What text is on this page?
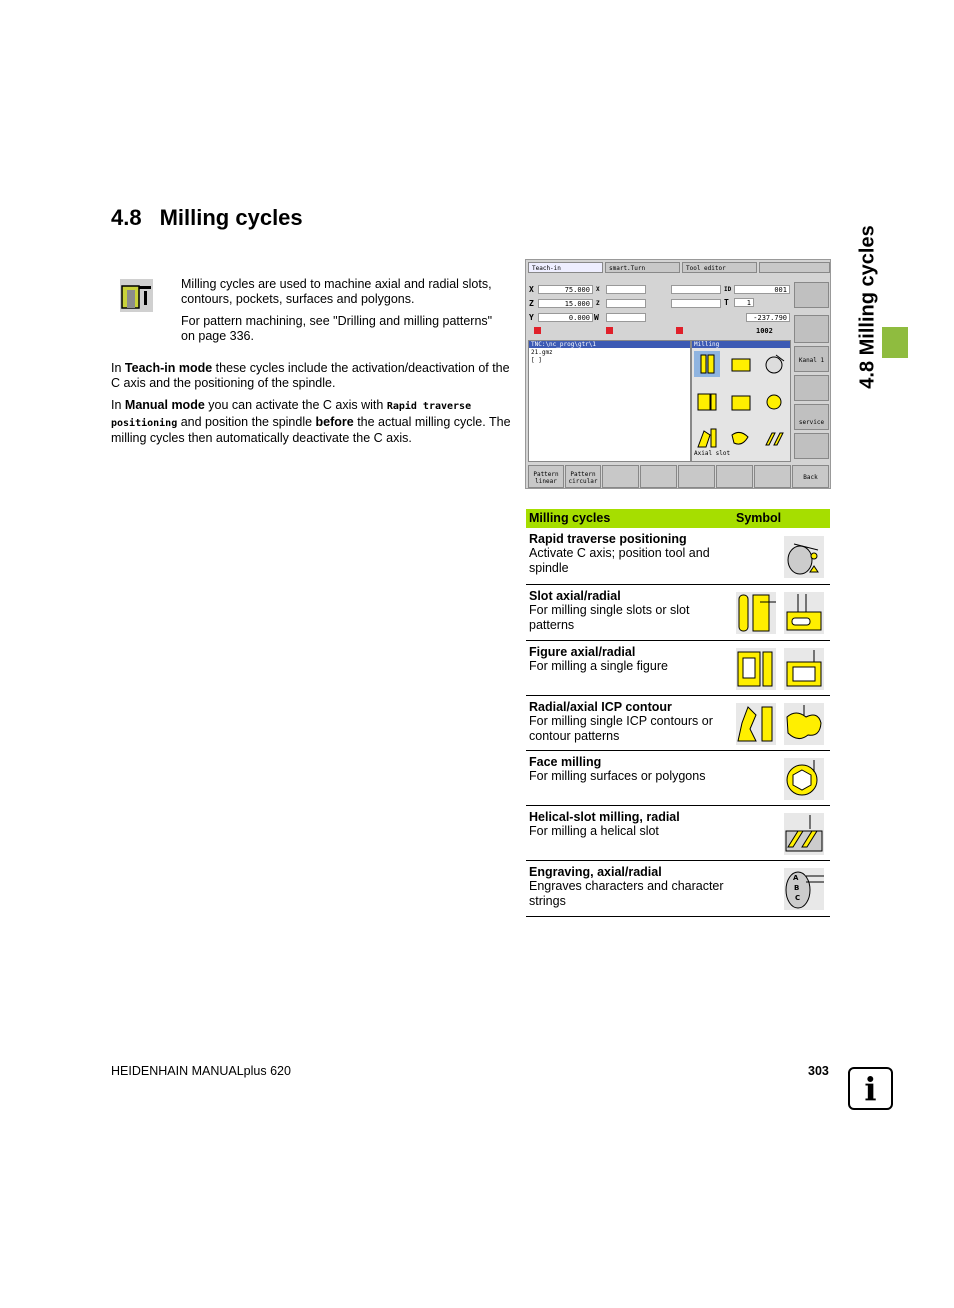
4.8 Milling cycles
4.8 Milling cycles
Milling cycles are used to machine axial and radial slots, contours, pockets, surfaces and polygons.
For pattern machining, see "Drilling and milling patterns" on page 336.
In Teach-in mode these cycles include the activation/deactivation of the C axis and the positioning of the spindle.
In Manual mode you can activate the C axis with Rapid traverse positioning and position the spindle before the actual milling cycle. The milling cycles then automatically deactivate the C axis.
Teach-in	smart.Turn	Tool editor
X	75.000	X
Z	15.000	Z
Y	0.000 W
ID	001
T	1
-237.790
1002
TNC:\nc_prog\gtr\1
21.gmz
[ ]
Milling
Axial slot
Kanal 1
service
Pattern
linear
Pattern
circular
Back
Milling cycles	Symbol
Rapid traverse positioning
Activate C axis; position tool and spindle
Slot axial/radial
For milling single slots or slot patterns
Figure axial/radial
For milling a single figure
Radial/axial ICP contour
For milling single ICP contours or contour patterns
Face milling
For milling surfaces or polygons
Helical-slot milling, radial
For milling a helical slot
Engraving, axial/radial
Engraves characters and character strings
A
B
C
HEIDENHAIN MANUALplus 620	303	i
